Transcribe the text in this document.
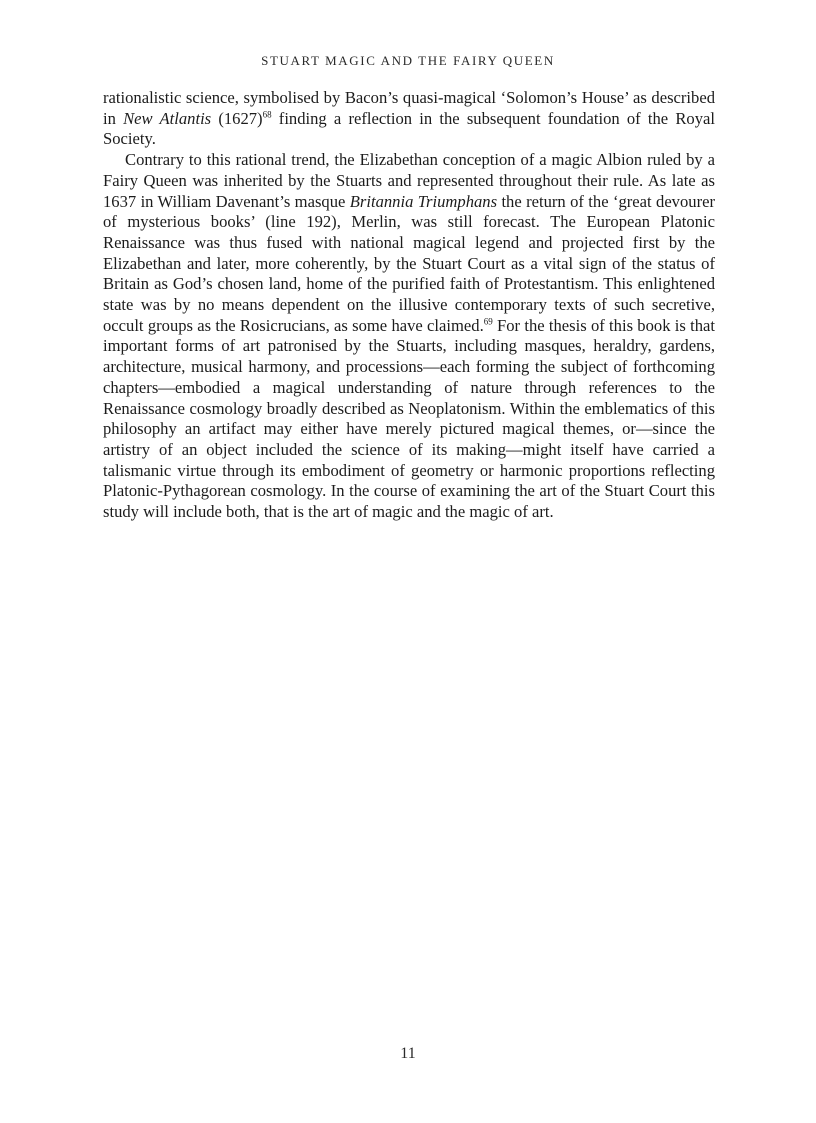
STUART MAGIC AND THE FAIRY QUEEN

rationalistic science, symbolised by Bacon’s quasi-magical ‘Solomon’s House’ as described in New Atlantis (1627)$^{68}$ finding a reflection in the subsequent foundation of the Royal Society.

Contrary to this rational trend, the Elizabethan conception of a magic Albion ruled by a Fairy Queen was inherited by the Stuarts and represented throughout their rule. As late as 1637 in William Davenant’s masque Britannia Triumphans the return of the ‘great devourer of mysterious books’ (line 192), Merlin, was still forecast. The European Platonic Renaissance was thus fused with national magical legend and projected first by the Elizabethan and later, more coherently, by the Stuart Court as a vital sign of the status of Britain as God’s chosen land, home of the purified faith of Protestantism. This enlightened state was by no means dependent on the illusive contemporary texts of such secretive, occult groups as the Rosicrucians, as some have claimed.$^{69}$ For the thesis of this book is that important forms of art patronised by the Stuarts, including masques, heraldry, gardens, architecture, musical harmony, and processions—each forming the subject of forthcoming chapters—embodied a magical understanding of nature through references to the Renaissance cosmology broadly described as Neoplatonism. Within the emblematics of this philosophy an artifact may either have merely pictured magical themes, or—since the artistry of an object included the science of its making—might itself have carried a talismanic virtue through its embodiment of geometry or harmonic proportions reflecting Platonic-Pythagorean cosmology. In the course of examining the art of the Stuart Court this study will include both, that is the art of magic and the magic of art.

11
